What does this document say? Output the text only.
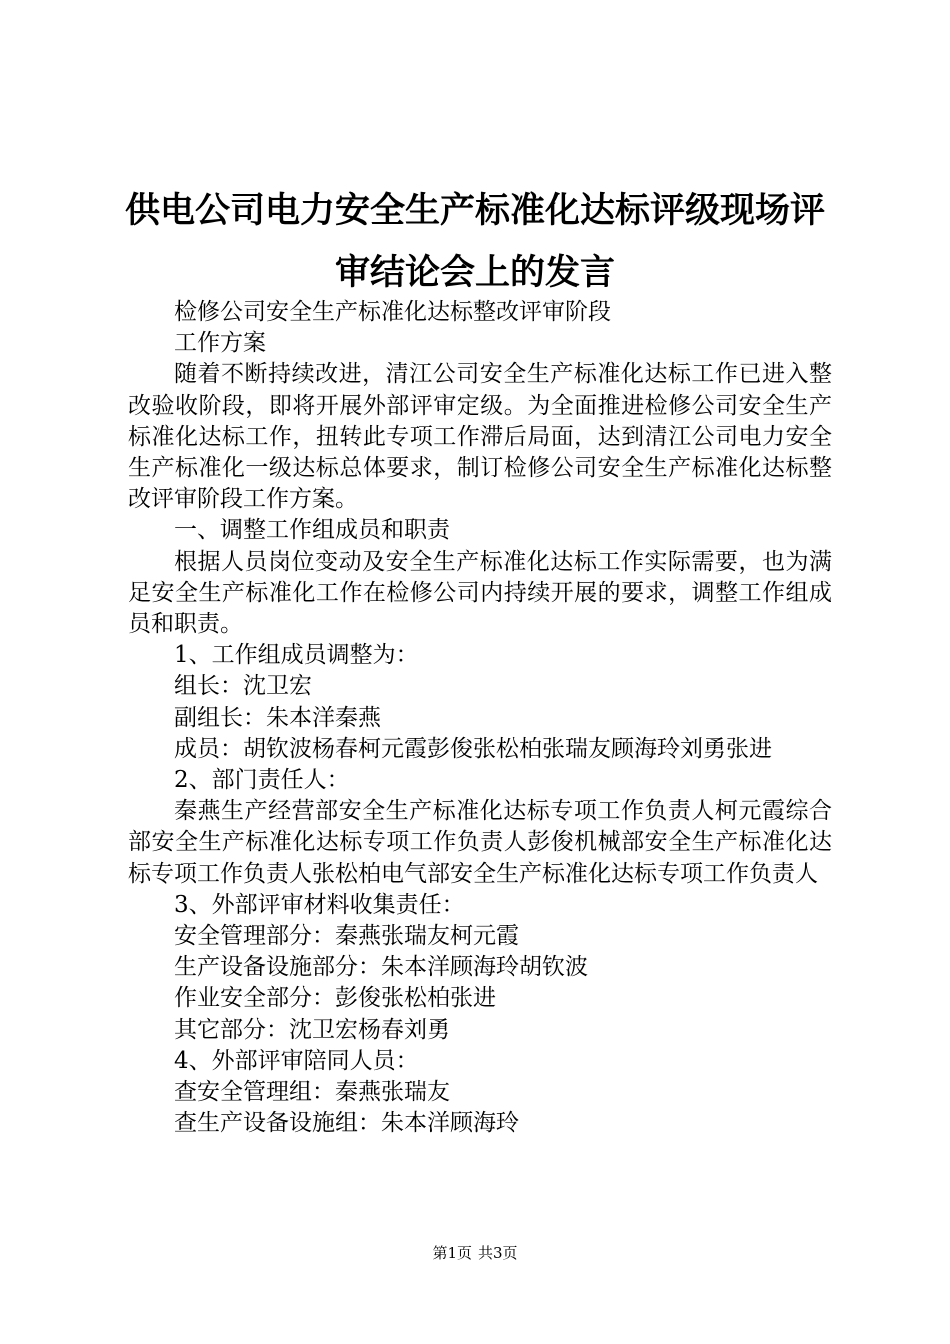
供电公司电力安全生产标准化达标评级现场评审结论会上的发言

检修公司安全生产标准化达标整改评审阶段

工作方案

随着不断持续改进，清江公司安全生产标准化达标工作已进入整改验收阶段，即将开展外部评审定级。为全面推进检修公司安全生产标准化达标工作，扭转此专项工作滞后局面，达到清江公司电力安全生产标准化一级达标总体要求，制订检修公司安全生产标准化达标整改评审阶段工作方案。

一、调整工作组成员和职责

根据人员岗位变动及安全生产标准化达标工作实际需要，也为满足安全生产标准化工作在检修公司内持续开展的要求，调整工作组成员和职责。

1、工作组成员调整为：

组长：沈卫宏

副组长：朱本洋秦燕

成员：胡钦波杨春柯元霞彭俊张松柏张瑞友顾海玲刘勇张进

2、部门责任人：

秦燕生产经营部安全生产标准化达标专项工作负责人柯元霞综合部安全生产标准化达标专项工作负责人彭俊机械部安全生产标准化达标专项工作负责人张松柏电气部安全生产标准化达标专项工作负责人

3、外部评审材料收集责任：

安全管理部分：秦燕张瑞友柯元霞

生产设备设施部分：朱本洋顾海玲胡钦波

作业安全部分：彭俊张松柏张进

其它部分：沈卫宏杨春刘勇

4、外部评审陪同人员：

查安全管理组：秦燕张瑞友

查生产设备设施组：朱本洋顾海玲

第1页 共3页
